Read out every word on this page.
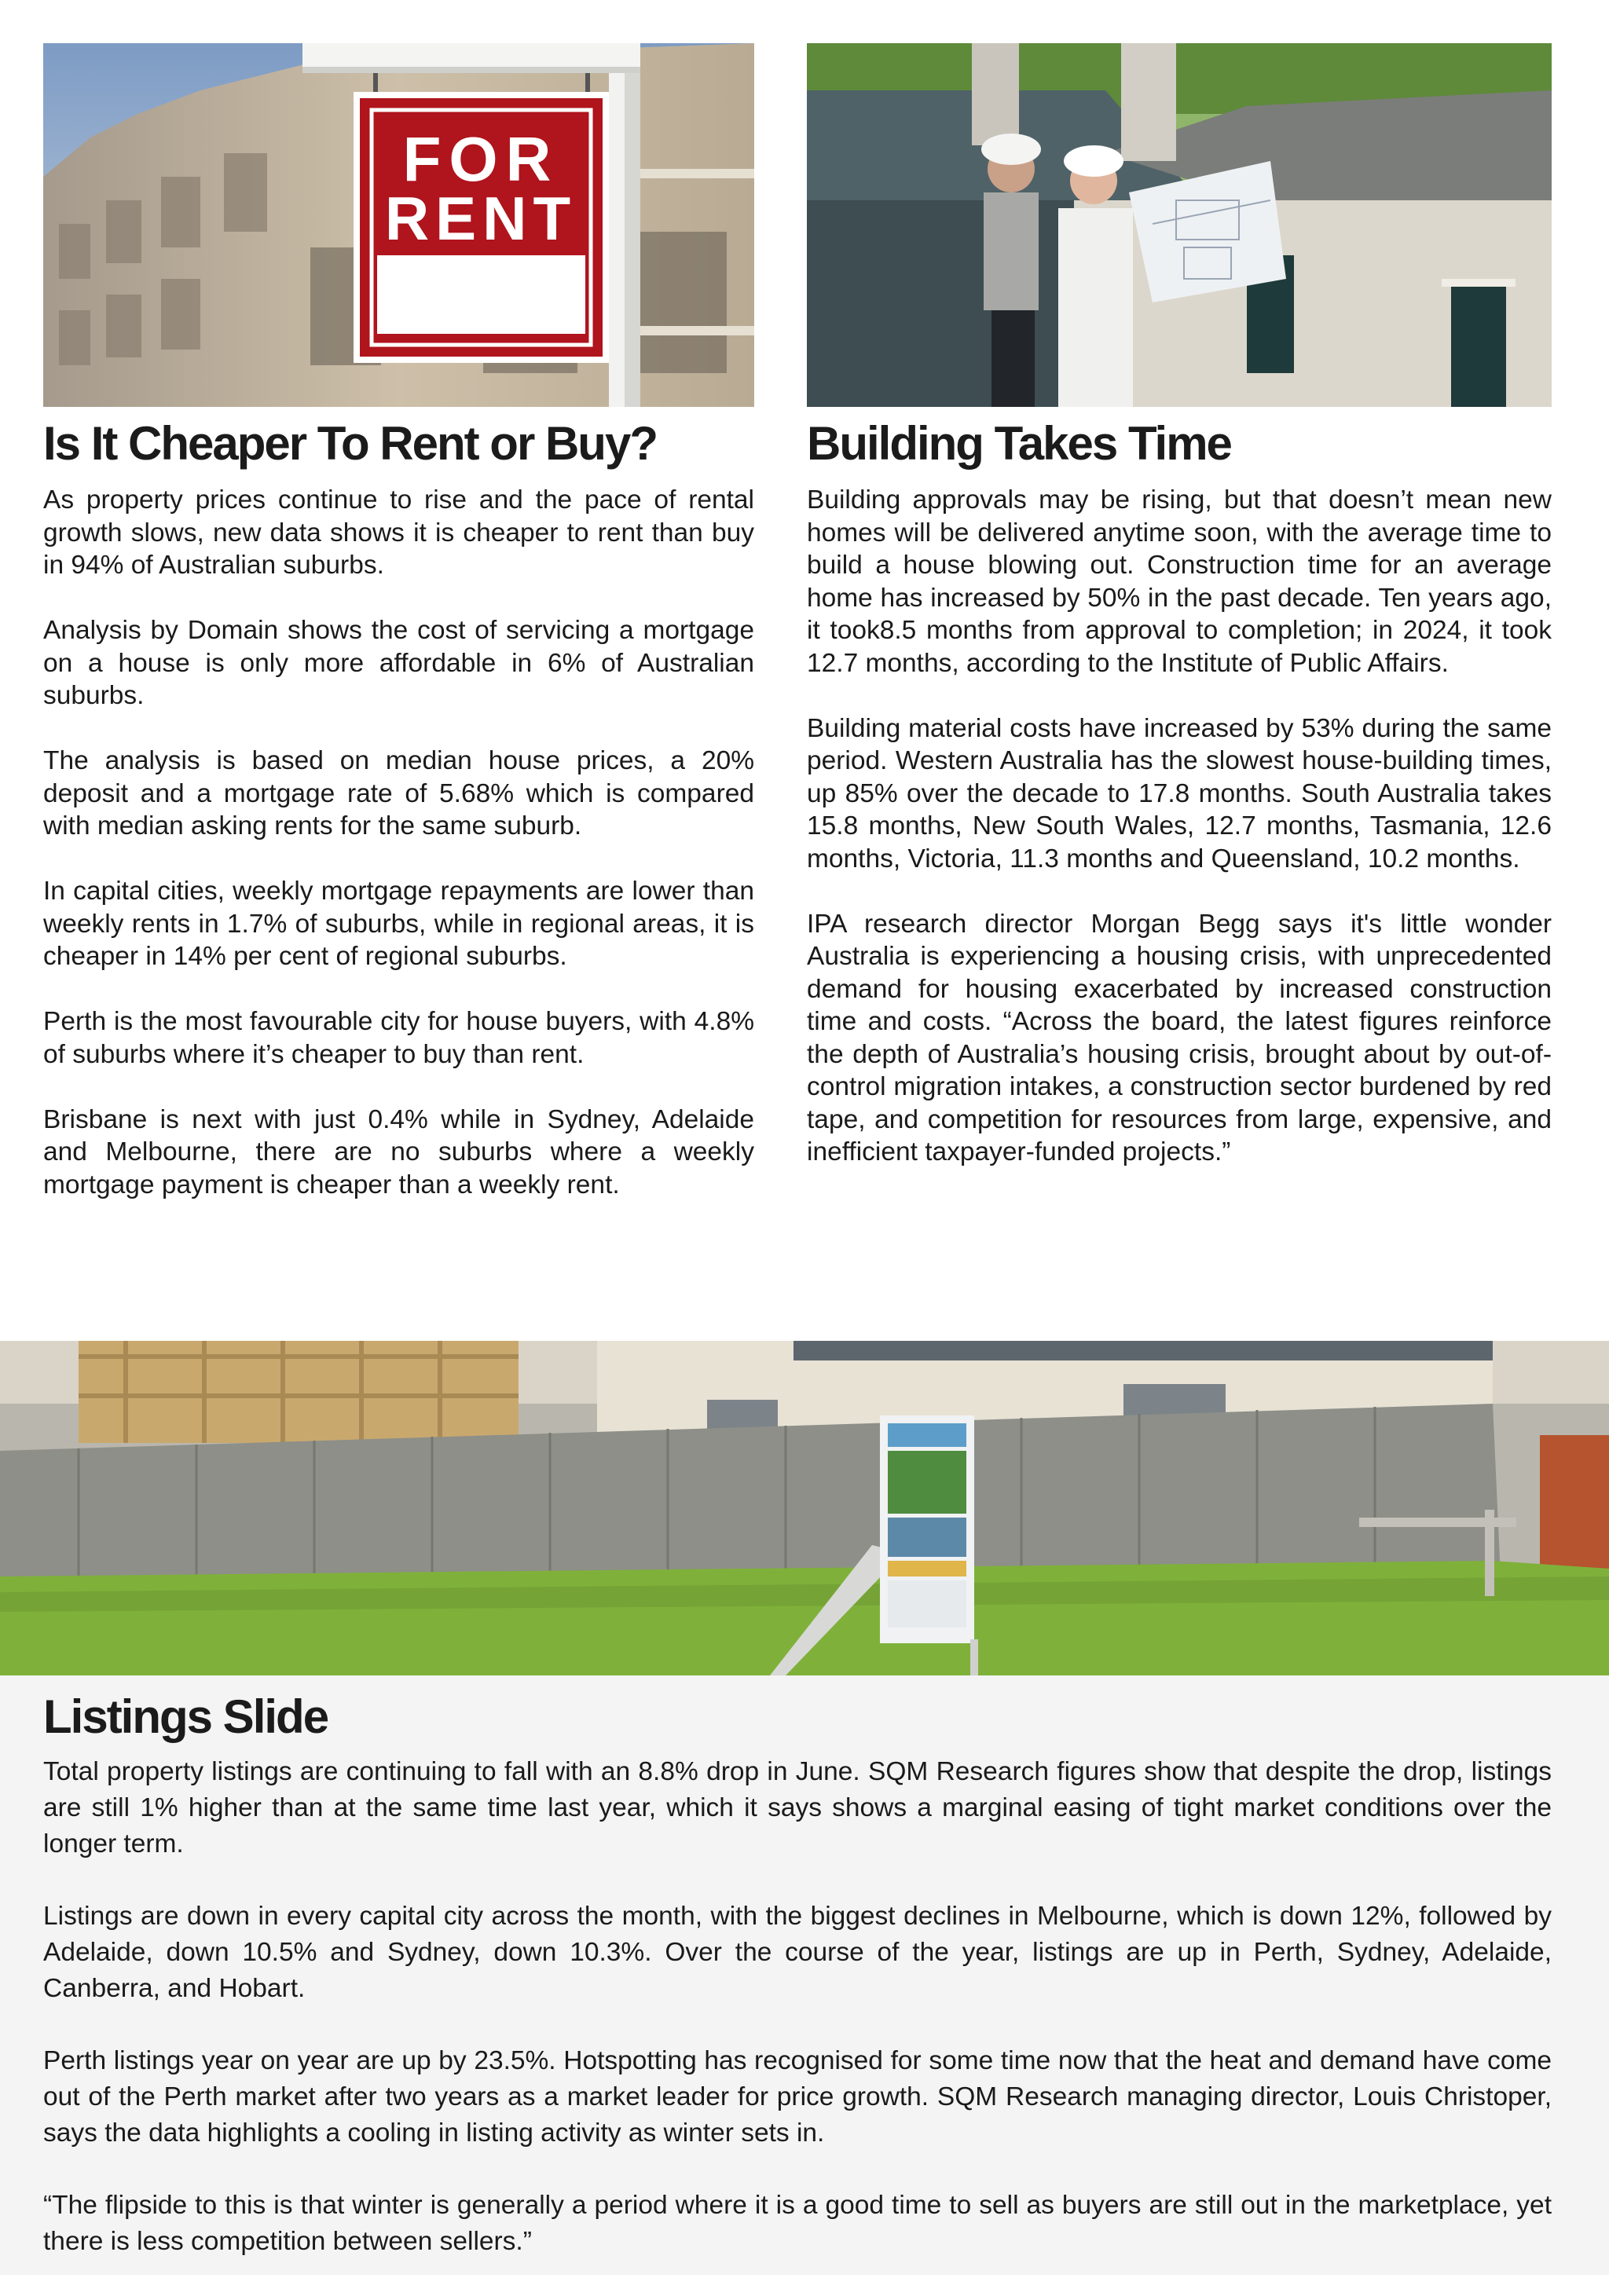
FOR
RENT
Is It Cheaper To Rent or Buy?

As property prices continue to rise and the pace of rental growth slows, new data shows it is cheaper to rent than buy in 94% of Australian suburbs.

Analysis by Domain shows the cost of servicing a mortgage on a house is only more affordable in 6% of Australian suburbs.

The analysis is based on median house prices, a 20% deposit and a mortgage rate of 5.68% which is compared with median asking rents for the same suburb.

In capital cities, weekly mortgage repayments are lower than weekly rents in 1.7% of suburbs, while in regional areas, it is cheaper in 14% per cent of regional suburbs.

Perth is the most favourable city for house buyers, with 4.8% of suburbs where it’s cheaper to buy than rent.

Brisbane is next with just 0.4% while in Sydney, Adelaide and Melbourne, there are no suburbs where a weekly mortgage payment is cheaper than a weekly rent.

Building Takes Time

Building approvals may be rising, but that doesn’t mean new homes will be delivered anytime soon, with the average time to build a house blowing out. Construction time for an average home has increased by 50% in the past decade. Ten years ago, it took8.5 months from approval to completion; in 2024, it took 12.7 months, according to the Institute of Public Affairs.

Building material costs have increased by 53% during the same period. Western Australia has the slowest house-building times, up 85% over the decade to 17.8 months. South Australia takes 15.8 months, New South Wales, 12.7 months, Tasmania, 12.6 months, Victoria, 11.3 months and Queensland, 10.2 months.

IPA research director Morgan Begg says it's little wonder Australia is experiencing a housing crisis, with unprecedented demand for housing exacerbated by increased construction time and costs. “Across the board, the latest figures reinforce the depth of Australia’s housing crisis, brought about by out-of-control migration intakes, a construction sector burdened by red tape, and competition for resources from large, expensive, and inefficient taxpayer-funded projects.”

Listings Slide

Total property listings are continuing to fall with an 8.8% drop in June. SQM Research figures show that despite the drop, listings are still 1% higher than at the same time last year, which it says shows a marginal easing of tight market conditions over the longer term.

Listings are down in every capital city across the month, with the biggest declines in Melbourne, which is down 12%, followed by Adelaide, down 10.5% and Sydney, down 10.3%. Over the course of the year, listings are up in Perth, Sydney, Adelaide, Canberra, and Hobart.

Perth listings year on year are up by 23.5%. Hotspotting has recognised for some time now that the heat and demand have come out of the Perth market after two years as a market leader for price growth. SQM Research managing director, Louis Christoper, says the data highlights a cooling in listing activity as winter sets in.

“The flipside to this is that winter is generally a period where it is a good time to sell as buyers are still out in the marketplace, yet there is less competition between sellers.”
